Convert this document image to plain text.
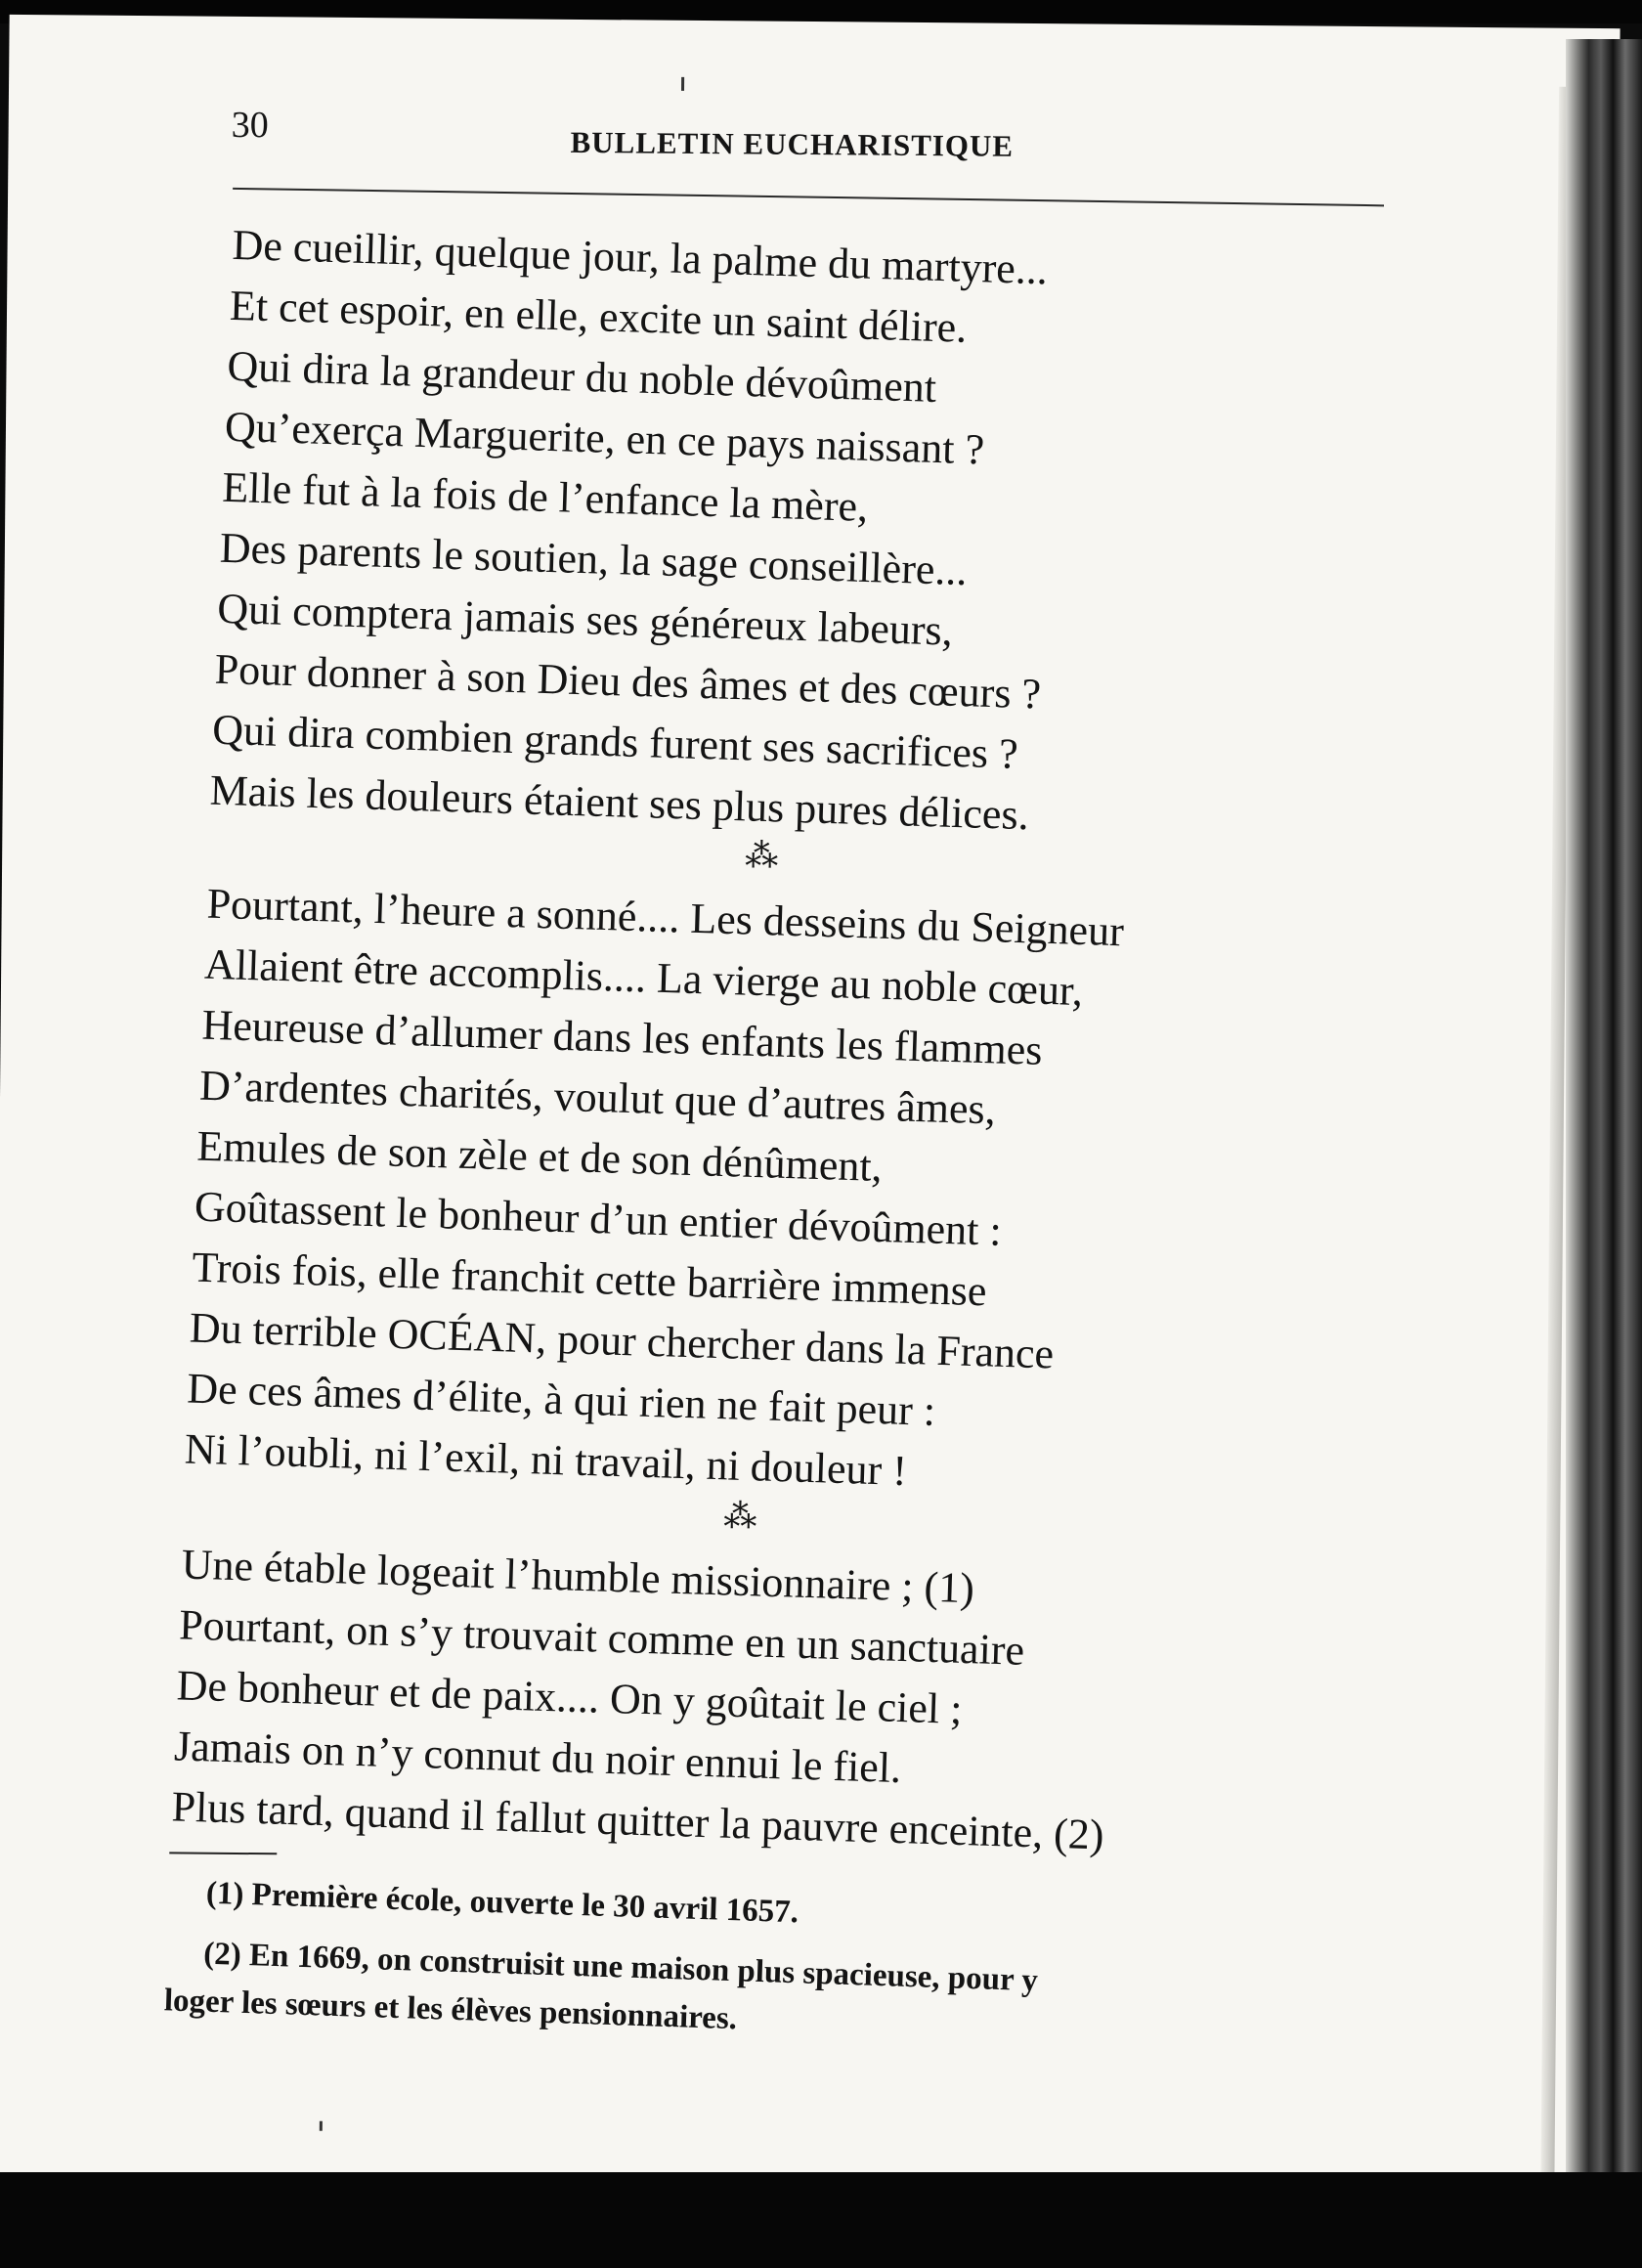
30	BULLETIN EUCHARISTIQUE
De cueillir, quelque jour, la palme du martyre...
Et cet espoir, en elle, excite un saint délire.
Qui dira la grandeur du noble dévoûment
Qu’exerça Marguerite, en ce pays naissant ?
Elle fut à la fois de l’enfance la mère,
Des parents le soutien, la sage conseillère...
Qui comptera jamais ses généreux labeurs,
Pour donner à son Dieu des âmes et des cœurs ?
Qui dira combien grands furent ses sacrifices ?
Mais les douleurs étaient ses plus pures délices.
⁂
Pourtant, l’heure a sonné.... Les desseins du Seigneur
Allaient être accomplis.... La vierge au noble cœur,
Heureuse d’allumer dans les enfants les flammes
D’ardentes charités, voulut que d’autres âmes,
Emules de son zèle et de son dénûment,
Goûtassent le bonheur d’un entier dévoûment :
Trois fois, elle franchit cette barrière immense
Du terrible OCÉAN, pour chercher dans la France
De ces âmes d’élite, à qui rien ne fait peur :
Ni l’oubli, ni l’exil, ni travail, ni douleur !
⁂
Une étable logeait l’humble missionnaire ; (1)
Pourtant, on s’y trouvait comme en un sanctuaire
De bonheur et de paix.... On y goûtait le ciel ;
Jamais on n’y connut du noir ennui le fiel.
Plus tard, quand il fallut quitter la pauvre enceinte, (2)
(1) Première école, ouverte le 30 avril 1657.
(2) En 1669, on construisit une maison plus spacieuse, pour y
loger les sœurs et les élèves pensionnaires.
